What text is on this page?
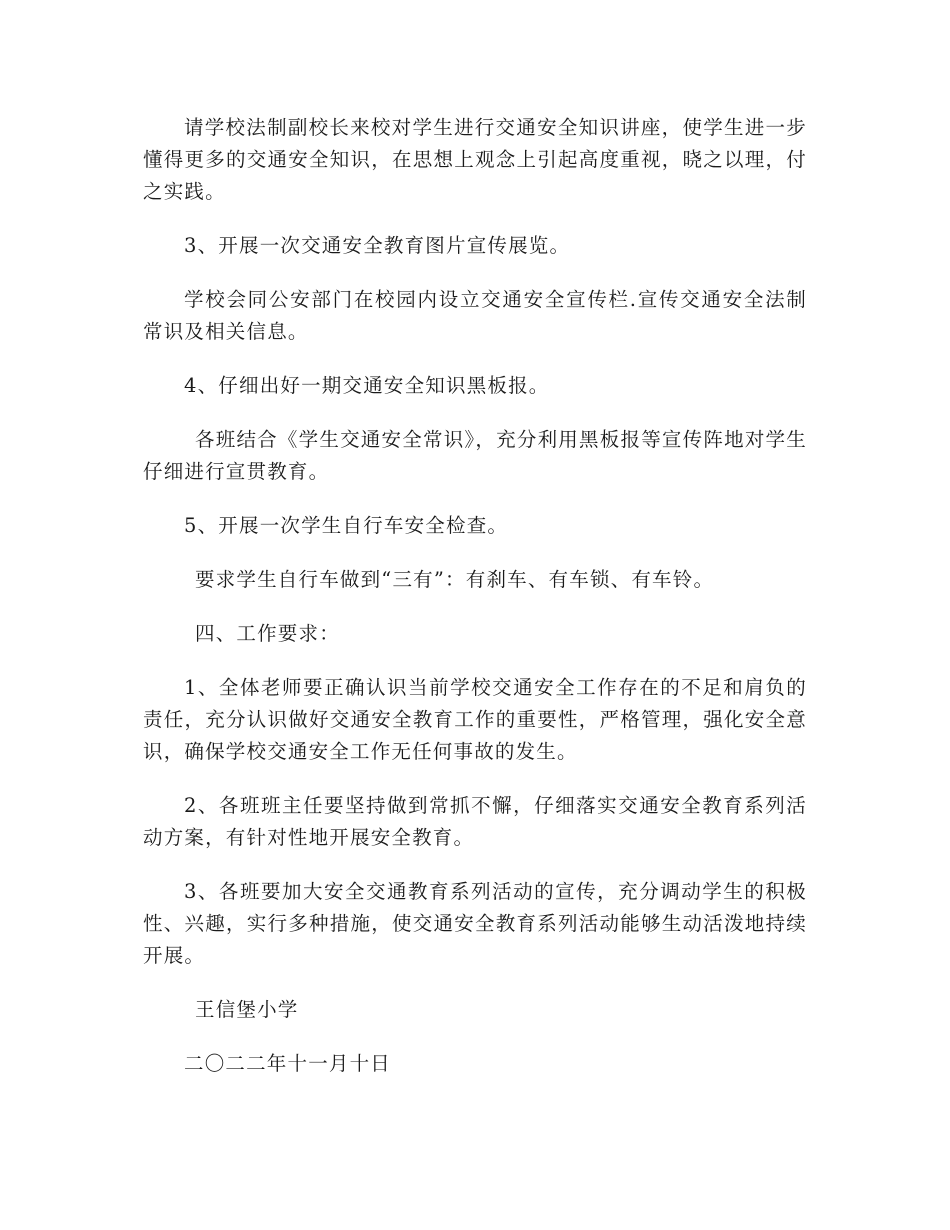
请学校法制副校长来校对学生进行交通安全知识讲座，使学生进一步懂得更多的交通安全知识，在思想上观念上引起高度重视，晓之以理，付之实践。

3、开展一次交通安全教育图片宣传展览。

学校会同公安部门在校园内设立交通安全宣传栏.宣传交通安全法制常识及相关信息。

4、仔细出好一期交通安全知识黑板报。

各班结合《学生交通安全常识》，充分利用黑板报等宣传阵地对学生仔细进行宣贯教育。

5、开展一次学生自行车安全检查。

要求学生自行车做到“三有”：有刹车、有车锁、有车铃。

四、工作要求：

1、全体老师要正确认识当前学校交通安全工作存在的不足和肩负的责任，充分认识做好交通安全教育工作的重要性，严格管理，强化安全意识，确保学校交通安全工作无任何事故的发生。

2、各班班主任要坚持做到常抓不懈，仔细落实交通安全教育系列活动方案，有针对性地开展安全教育。

3、各班要加大安全交通教育系列活动的宣传，充分调动学生的积极性、兴趣，实行多种措施，使交通安全教育系列活动能够生动活泼地持续开展。

王信堡小学

二〇二二年十一月十日
